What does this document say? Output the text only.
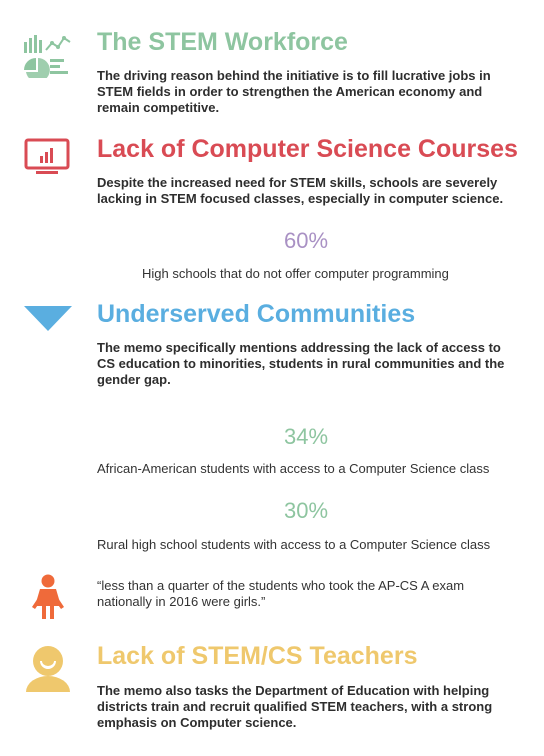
The STEM Workforce
The driving reason behind the initiative is to fill lucrative jobs in STEM fields in order to strengthen the American economy and remain competitive.
Lack of Computer Science Courses
Despite the increased need for STEM skills, schools are severely lacking in STEM focused classes, especially in computer science.
60%
High schools that do not offer computer programming
Underserved Communities
The memo specifically mentions addressing the lack of access to CS education to minorities, students in rural communities and the gender gap.
34%
African-American students with access to a Computer Science class
30%
Rural high school students with access to a Computer Science class
“less than a quarter of the students who took the AP-CS A exam nationally in 2016 were girls.”
Lack of STEM/CS Teachers
The memo also tasks the Department of Education with helping districts train and recruit qualified STEM teachers, with a strong emphasis on Computer science.
